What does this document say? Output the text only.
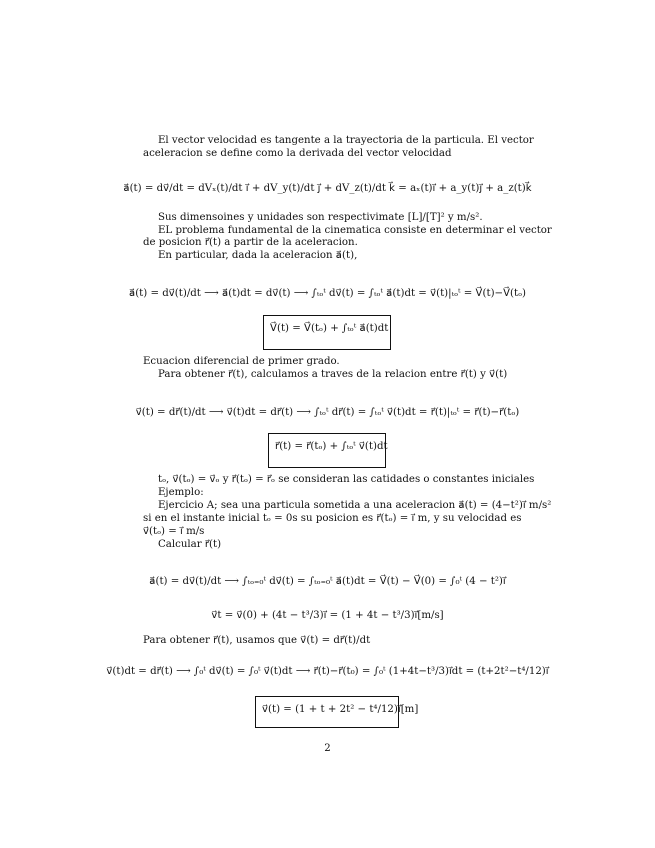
El vector velocidad es tangente a la trayectoria de la particula. El vector
aceleracion se define como la derivada del vector velocidad
a⃗(t) = dv⃗/dt = dVₓ(t)/dt i⃗ + dV_y(t)/dt j⃗ + dV_z(t)/dt k⃗ = aₓ(t)i⃗ + a_y(t)j⃗ + a_z(t)k⃗
Sus dimensoines y unidades son respectivimate [L]/[T]² y m/s².
EL problema fundamental de la cinematica consiste en determinar el vector
de posicion r⃗(t) a partir de la aceleracion.
En particular, dada la aceleracion a⃗(t),
a⃗(t) = dv⃗(t)/dt ⟶ a⃗(t)dt = dv⃗(t) ⟶ ∫ₜₒᵗ dv⃗(t) = ∫ₜₒᵗ a⃗(t)dt = v⃗(t)|ₜₒᵗ = V⃗(t)−V⃗(tₒ)
V⃗(t) = V⃗(tₒ) + ∫ₜₒᵗ a⃗(t)dt
Ecuacion diferencial de primer grado.
Para obtener r⃗(t), calculamos a traves de la relacion entre r⃗(t) y v⃗(t)
v⃗(t) = dr⃗(t)/dt ⟶ v⃗(t)dt = dr⃗(t) ⟶ ∫ₜₒᵗ dr⃗(t) = ∫ₜₒᵗ v⃗(t)dt = r⃗(t)|ₜₒᵗ = r⃗(t)−r⃗(tₒ)
r⃗(t) = r⃗(tₒ) + ∫ₜₒᵗ v⃗(t)dt
tₒ, v⃗(tₒ) = v⃗ₒ y r⃗(tₒ) = r⃗ₒ se consideran las catidades o constantes iniciales
Ejemplo:
Ejercicio A; sea una particula sometida a una aceleracion a⃗(t) = (4−t²)i⃗ m/s²
si en el instante inicial tₒ = 0s su posicion es r⃗(tₒ) = i⃗ m, y su velocidad es
v⃗(tₒ) = i⃗ m/s
Calcular r⃗(t)
a⃗(t) = dv⃗(t)/dt ⟶ ∫ₜₒ₌₀ᵗ dv⃗(t) = ∫ₜₒ₌₀ᵗ a⃗(t)dt = V⃗(t) − V⃗(0) = ∫₀ᵗ (4 − t²)i⃗
v⃗t = v⃗(0) + (4t − t³/3)i⃗ = (1 + 4t − t³/3)i⃗[m/s]
Para obtener r⃗(t), usamos que v⃗(t) = dr⃗(t)/dt
v⃗(t)dt = dr⃗(t) ⟶ ∫₀ᵗ dv⃗(t) = ∫₀ᵗ v⃗(t)dt ⟶ r⃗(t)−r⃗(t₀) = ∫₀ᵗ (1+4t−t³/3)i⃗dt = (t+2t²−t⁴/12)i⃗
v⃗(t) = (1 + t + 2t² − t⁴/12)i⃗[m]
2
